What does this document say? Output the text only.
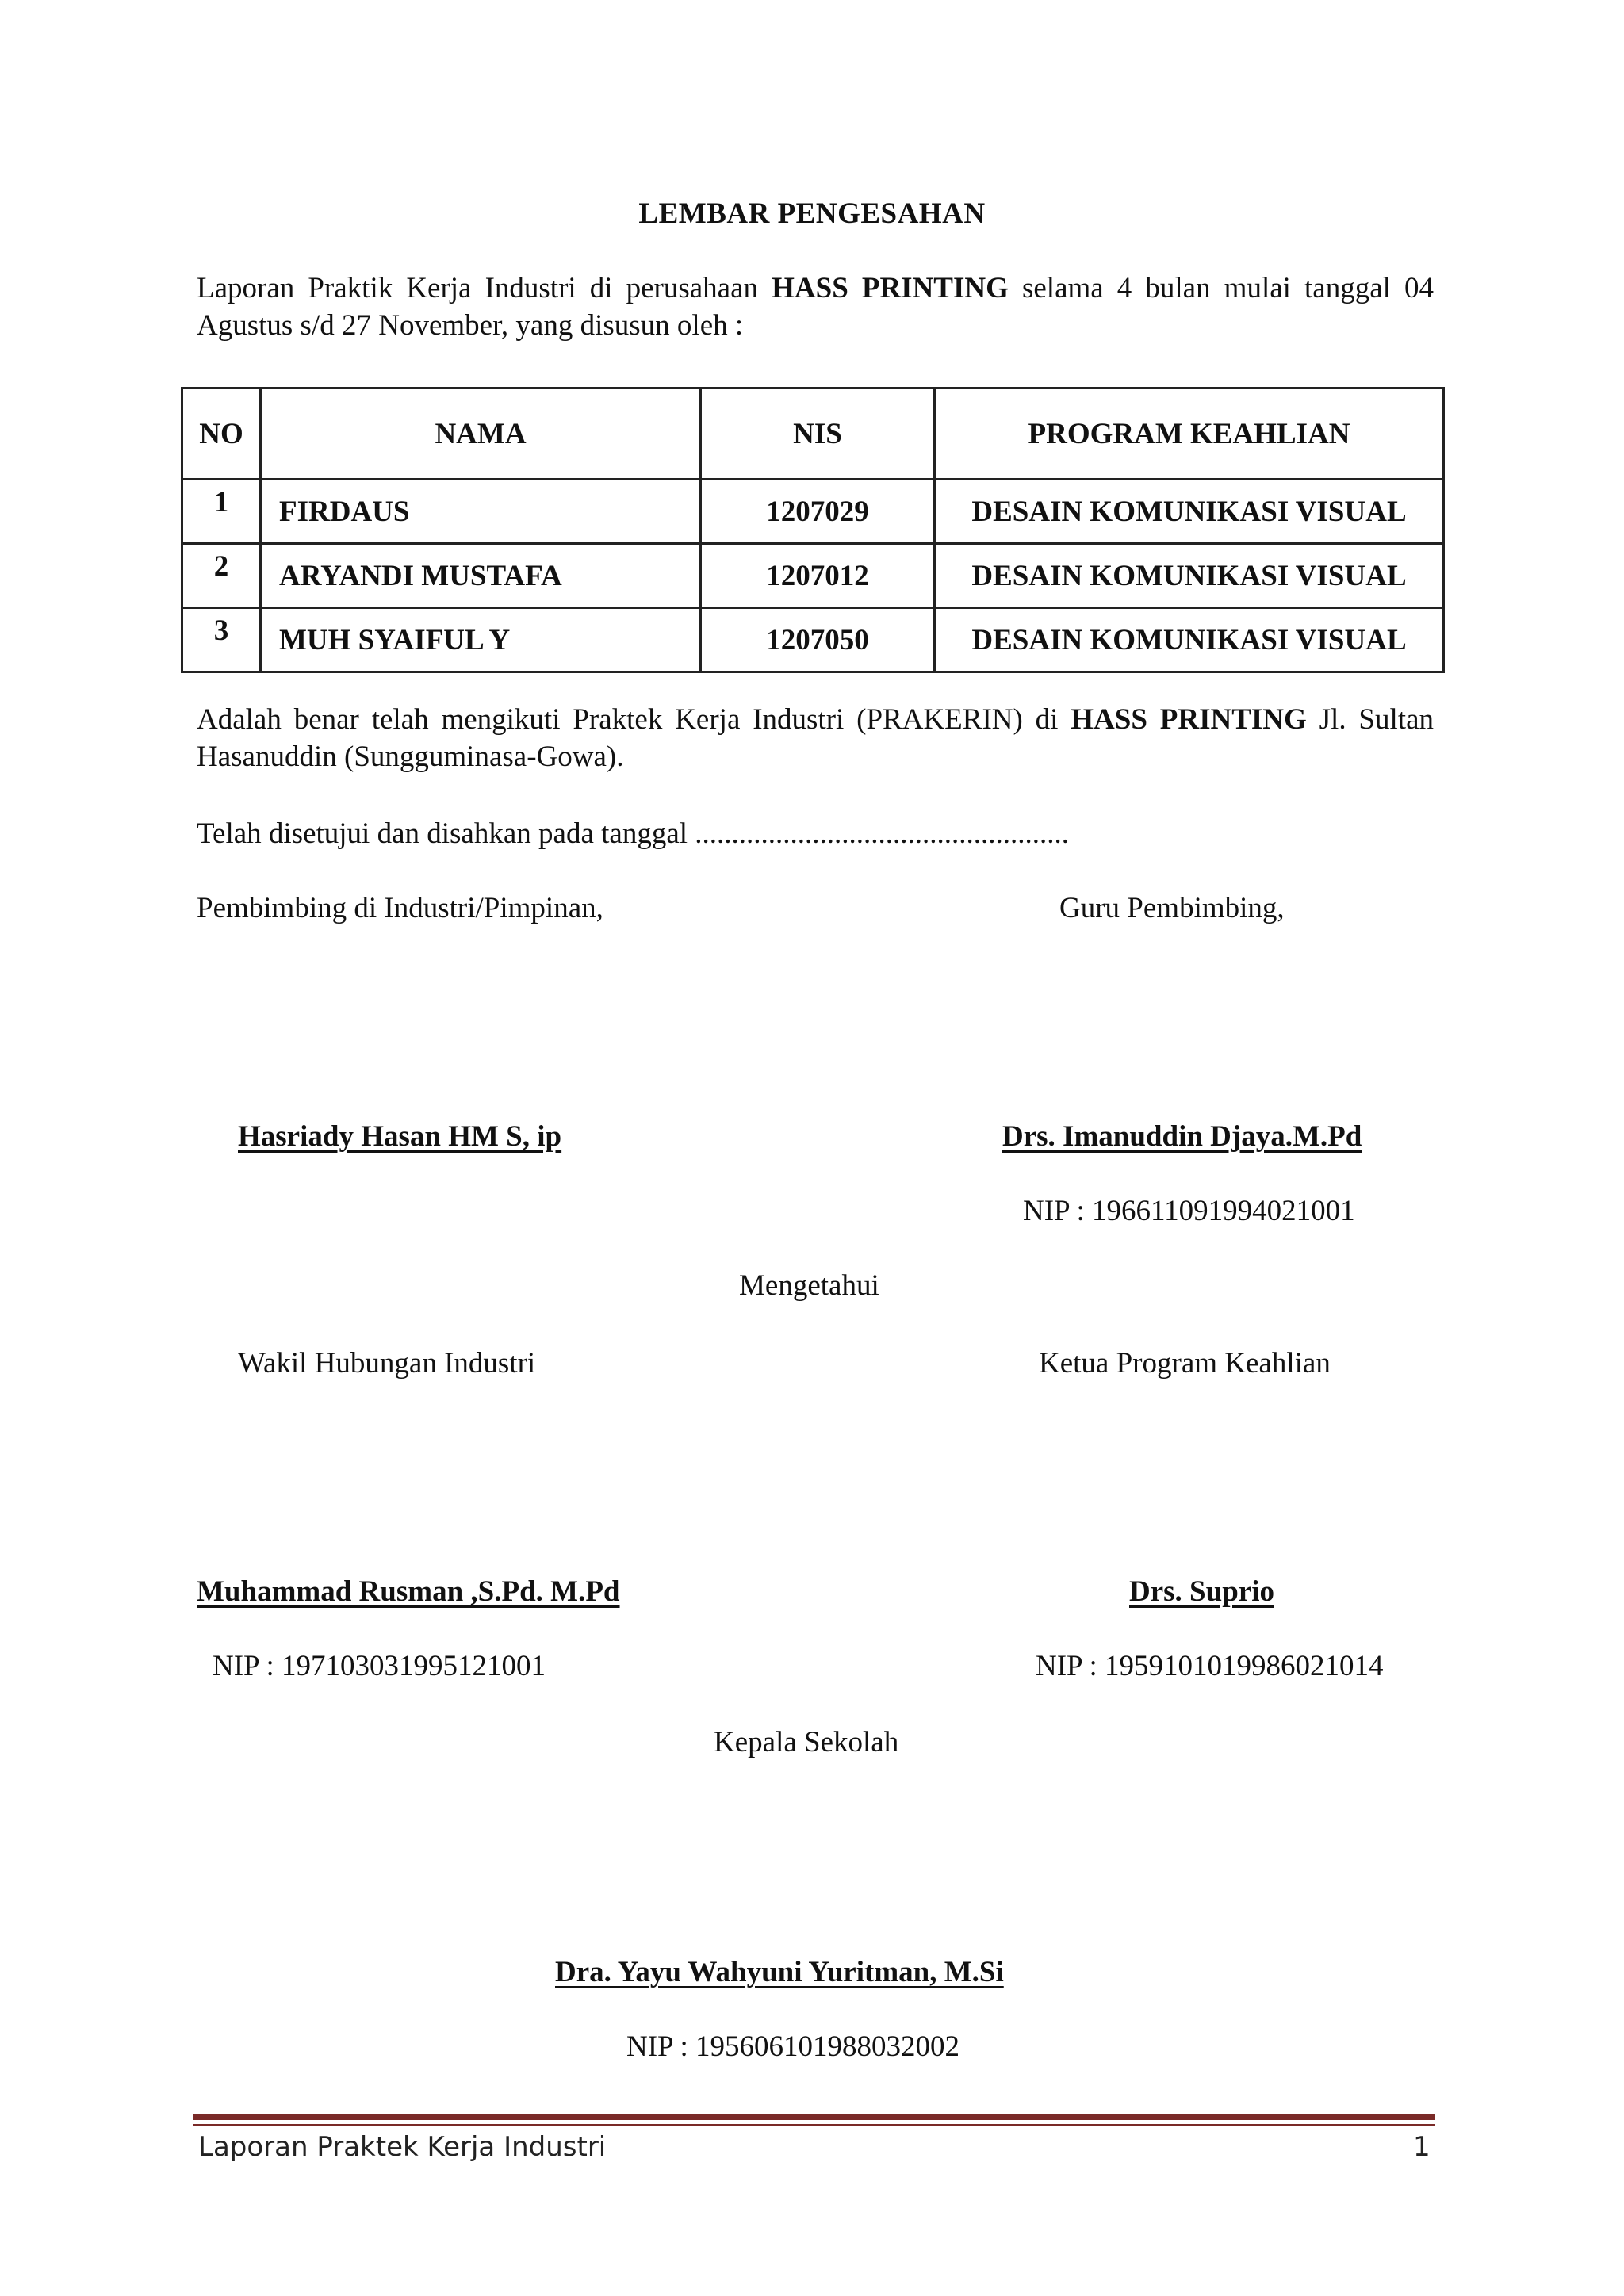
LEMBAR PENGESAHAN
Laporan Praktik Kerja Industri di perusahaan HASS PRINTING selama 4 bulan mulai tanggal 04 Agustus s/d 27 November, yang disusun oleh :
NO	NAMA	NIS	PROGRAM KEAHLIAN
1	FIRDAUS	1207029	DESAIN KOMUNIKASI VISUAL
2	ARYANDI MUSTAFA	1207012	DESAIN KOMUNIKASI VISUAL
3	MUH SYAIFUL Y	1207050	DESAIN KOMUNIKASI VISUAL
Adalah benar telah mengikuti Praktek Kerja Industri (PRAKERIN) di HASS PRINTING Jl. Sultan Hasanuddin (Sungguminasa-Gowa).
Telah disetujui dan disahkan pada tanggal ...................................................
Pembimbing di Industri/Pimpinan,	Guru Pembimbing,
Hasriady Hasan HM S, ip	Drs. Imanuddin Djaya.M.Pd
NIP : 196611091994021001
Mengetahui
Wakil Hubungan Industri	Ketua Program Keahlian
Muhammad Rusman ,S.Pd. M.Pd	Drs. Suprio
NIP : 197103031995121001	NIP : 1959101019986021014
Kepala Sekolah
Dra. Yayu Wahyuni Yuritman, M.Si
NIP : 195606101988032002
Laporan Praktek Kerja Industri	1
